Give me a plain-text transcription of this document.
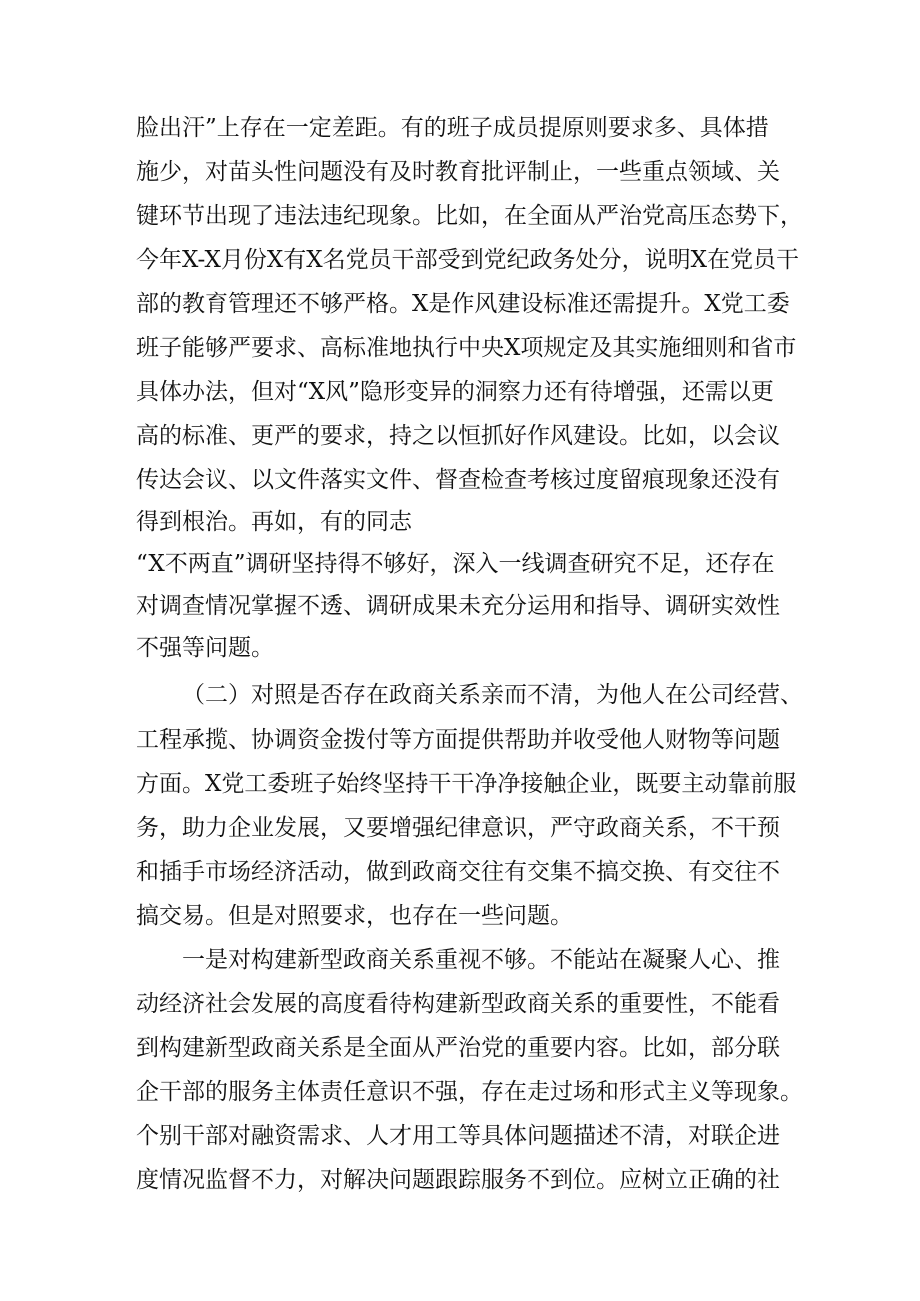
脸出汗”上存在一定差距。有的班子成员提原则要求多、具体措
施少，对苗头性问题没有及时教育批评制止，一些重点领域、关
键环节出现了违法违纪现象。比如，在全面从严治党高压态势下，
今年X-X月份X有X名党员干部受到党纪政务处分，说明X在党员干
部的教育管理还不够严格。X是作风建设标准还需提升。X党工委
班子能够严要求、高标准地执行中央X项规定及其实施细则和省市
具体办法，但对“X风”隐形变异的洞察力还有待增强，还需以更
高的标准、更严的要求，持之以恒抓好作风建设。比如，以会议
传达会议、以文件落实文件、督查检查考核过度留痕现象还没有
得到根治。再如，有的同志
“X不两直”调研坚持得不够好，深入一线调查研究不足，还存在
对调查情况掌握不透、调研成果未充分运用和指导、调研实效性
不强等问题。
（二）对照是否存在政商关系亲而不清，为他人在公司经营、
工程承揽、协调资金拨付等方面提供帮助并收受他人财物等问题
方面。X党工委班子始终坚持干干净净接触企业，既要主动靠前服
务，助力企业发展，又要增强纪律意识，严守政商关系，不干预
和插手市场经济活动，做到政商交往有交集不搞交换、有交往不
搞交易。但是对照要求，也存在一些问题。
一是对构建新型政商关系重视不够。不能站在凝聚人心、推
动经济社会发展的高度看待构建新型政商关系的重要性，不能看
到构建新型政商关系是全面从严治党的重要内容。比如，部分联
企干部的服务主体责任意识不强，存在走过场和形式主义等现象。
个别干部对融资需求、人才用工等具体问题描述不清，对联企进
度情况监督不力，对解决问题跟踪服务不到位。应树立正确的社
